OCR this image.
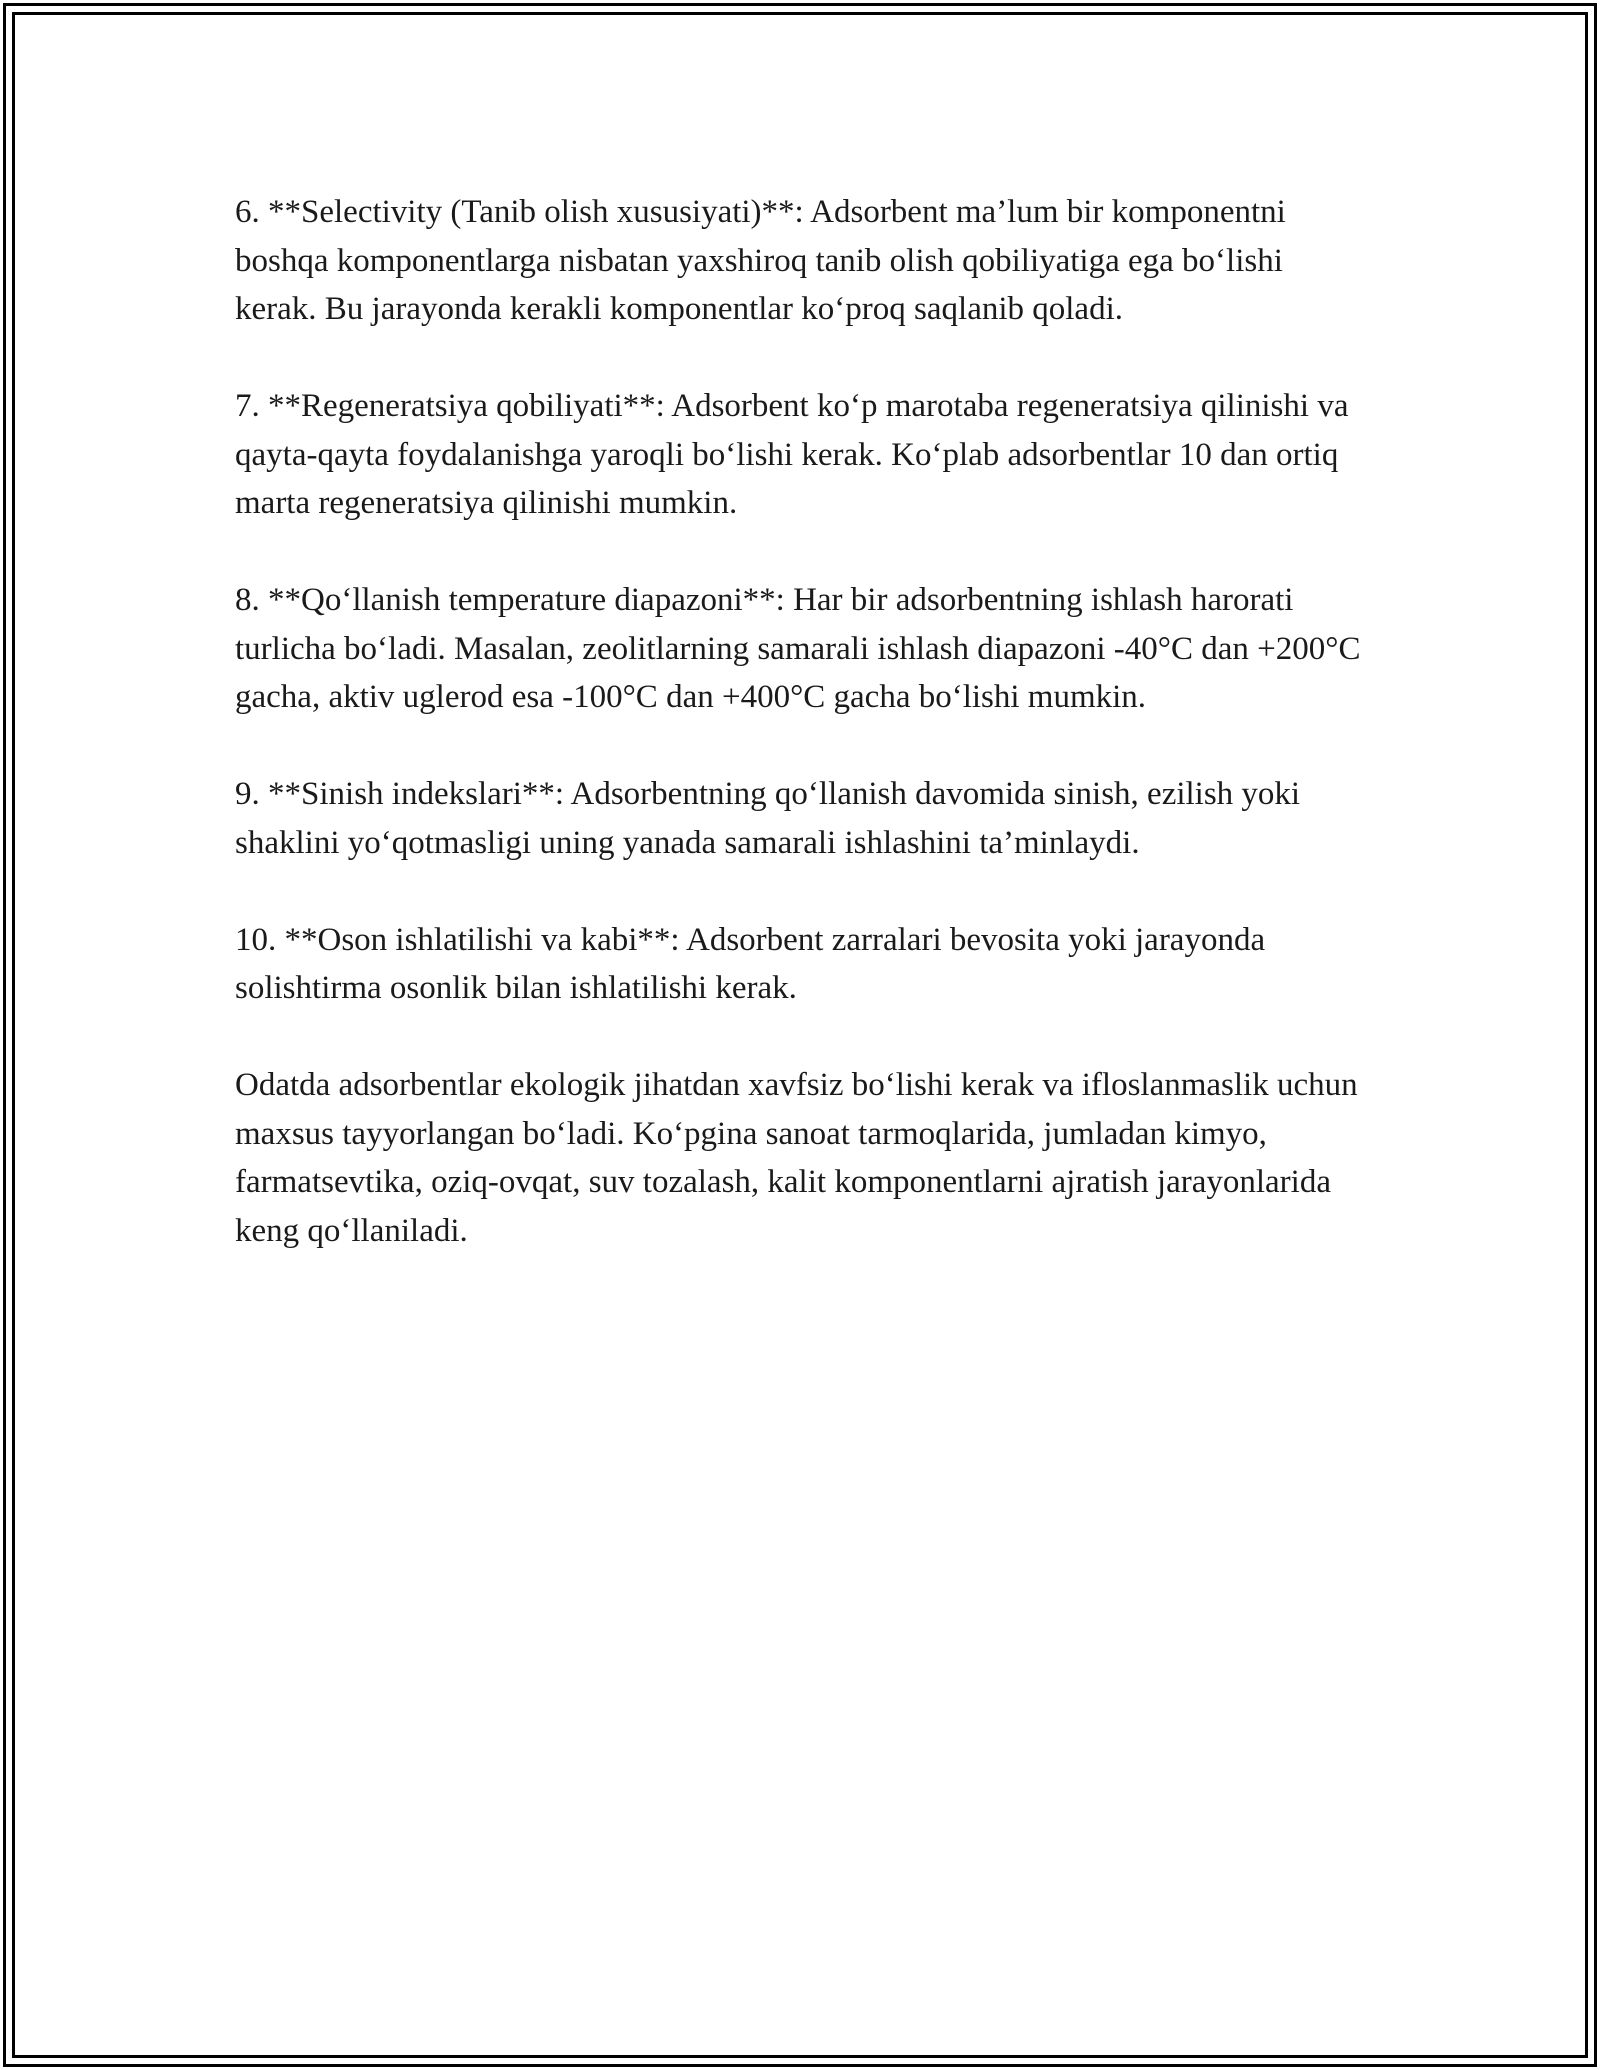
6. **Selectivity (Tanib olish xususiyati)**: Adsorbent ma’lum bir komponentni boshqa komponentlarga nisbatan yaxshiroq tanib olish qobiliyatiga ega bo‘lishi kerak. Bu jarayonda kerakli komponentlar ko‘proq saqlanib qoladi.

7. **Regeneratsiya qobiliyati**: Adsorbent ko‘p marotaba regeneratsiya qilinishi va qayta-qayta foydalanishga yaroqli bo‘lishi kerak. Ko‘plab adsorbentlar 10 dan ortiq marta regeneratsiya qilinishi mumkin.

8. **Qo‘llanish temperature diapazoni**: Har bir adsorbentning ishlash harorati turlicha bo‘ladi. Masalan, zeolitlarning samarali ishlash diapazoni -40°C dan +200°C gacha, aktiv uglerod esa -100°C dan +400°C gacha bo‘lishi mumkin.

9. **Sinish indekslari**: Adsorbentning qo‘llanish davomida sinish, ezilish yoki shaklini yo‘qotmasligi uning yanada samarali ishlashini ta’minlaydi.

10. **Oson ishlatilishi va kabi**: Adsorbent zarralari bevosita yoki jarayonda solishtirma osonlik bilan ishlatilishi kerak.

Odatda adsorbentlar ekologik jihatdan xavfsiz bo‘lishi kerak va ifloslanmaslik uchun maxsus tayyorlangan bo‘ladi. Ko‘pgina sanoat tarmoqlarida, jumladan kimyo, farmatsevtika, oziq-ovqat, suv tozalash, kalit komponentlarni ajratish jarayonlarida keng qo‘llaniladi.
